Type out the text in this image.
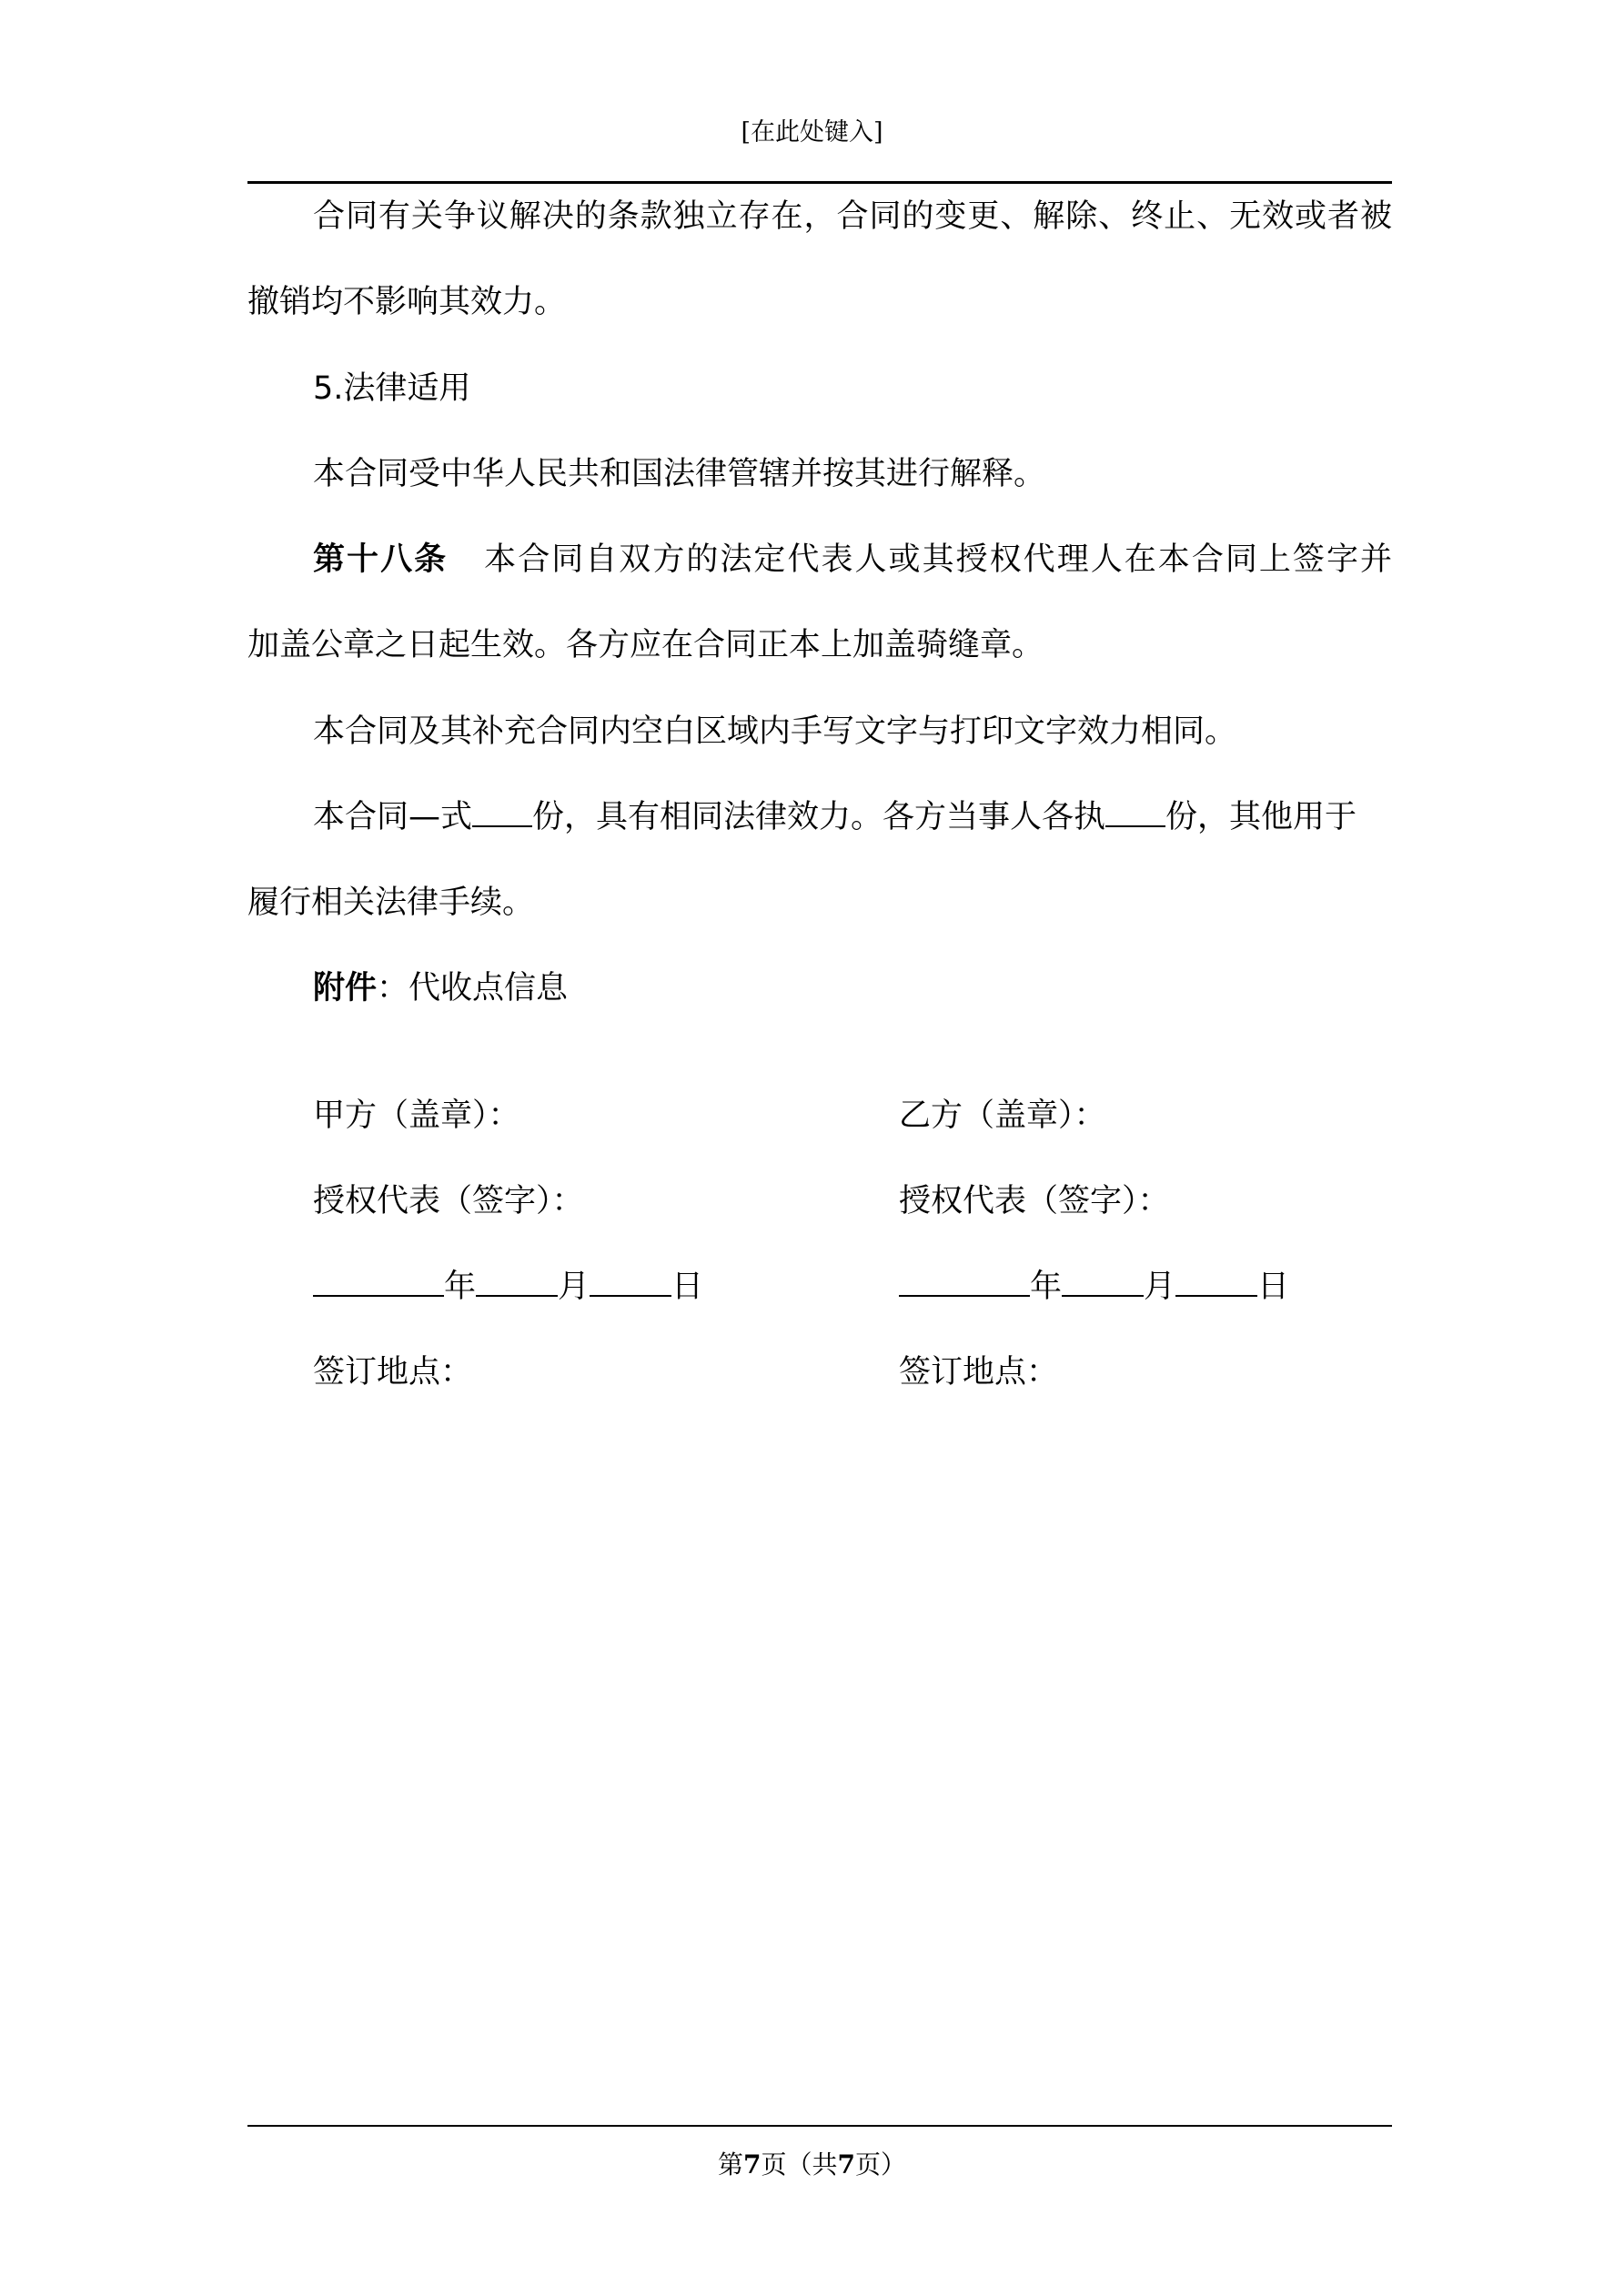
[在此处键入]
合同有关争议解决的条款独立存在，合同的变更、解除、终止、无效或者被
撤销均不影响其效力。
5.法律适用
本合同受中华人民共和国法律管辖并按其进行解释。
第十八条 本合同自双方的法定代表人或其授权代理人在本合同上签字并
加盖公章之日起生效。各方应在合同正本上加盖骑缝章。
本合同及其补充合同内空白区域内手写文字与打印文字效力相同。
本合同—式 份，具有相同法律效力。各方当事人各执 份，其他用于
履行相关法律手续。
附件：代收点信息
甲方（盖章）：
授权代表（签字）：
年	月	日
签订地点：
乙方（盖章）：
授权代表（签字）：
年	月	日
签订地点：
第7页（共7页）
